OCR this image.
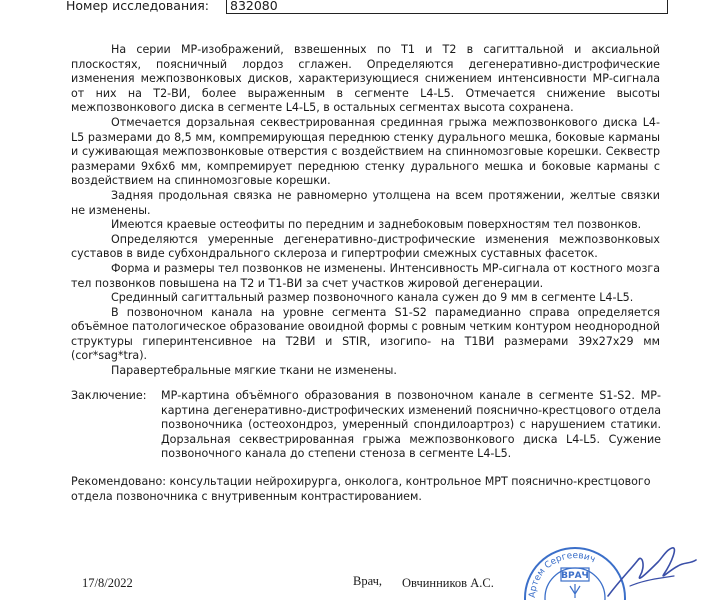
Номер исследования:	832080

На серии МР-изображений, взвешенных по T1 и T2 в сагиттальной и аксиальной плоскостях, поясничный лордоз сглажен. Определяются дегенеративно-дистрофические изменения межпозвонковых дисков, характеризующиеся снижением интенсивности МР-сигнала от них на Т2-ВИ, более выраженным в сегменте L4-L5. Отмечается снижение высоты межпозвонкового диска в сегменте L4-L5, в остальных сегментах высота сохранена.

Отмечается дорзальная секвестрированная срединная грыжа межпозвонкового диска L4-L5 размерами до 8,5 мм, компремирующая переднюю стенку дурального мешка, боковые карманы и суживающая межпозвонковые отверстия с воздействием на спинномозговые корешки. Секвестр размерами 9х6х6 мм, компремирует переднюю стенку дурального мешка и боковые карманы с воздействием на спинномозговые корешки.

Задняя продольная связка не равномерно утолщена на всем протяжении, желтые связки не изменены.

Имеются краевые остеофиты по передним и заднебоковым поверхностям тел позвонков.

Определяются умеренные дегенеративно-дистрофические изменения межпозвонковых суставов в виде субхондрального склероза и гипертрофии смежных суставных фасеток.

Форма и размеры тел позвонков не изменены. Интенсивность МР-сигнала от костного мозга тел позвонков повышена на Т2 и Т1-ВИ за счет участков жировой дегенерации.

Срединный сагиттальный размер позвоночного канала сужен до 9 мм в сегменте L4-L5.

В позвоночном канала на уровне сегмента S1-S2 парамедианно справа определяется объёмное патологическое образование овоидной формы с ровным четким контуром неоднородной структуры гиперинтенсивное на Т2ВИ и STIR, изогипо- на Т1ВИ размерами 39х27х29 мм (cor*sag*tra).

Паравертебральные мягкие ткани не изменены.

Заключение: МР-картина объёмного образования в позвоночном канале в сегменте S1-S2. МР-картина дегенеративно-дистрофических изменений пояснично-крестцового отдела позвоночника (остеохондроз, умеренный спондилоартроз) с нарушением статики. Дорзальная секвестрированная грыжа межпозвонкового диска L4-L5. Сужение позвоночного канала до степени стеноза в сегменте L4-L5.
Рекомендовано: консультации нейрохирурга, онколога, контрольное МРТ пояснично-крестцового отдела позвоночника с внутривенным контрастированием.
17/8/2022	Врач, Овчинников А.С.
Артем Сергеевич
ВРАЧ
